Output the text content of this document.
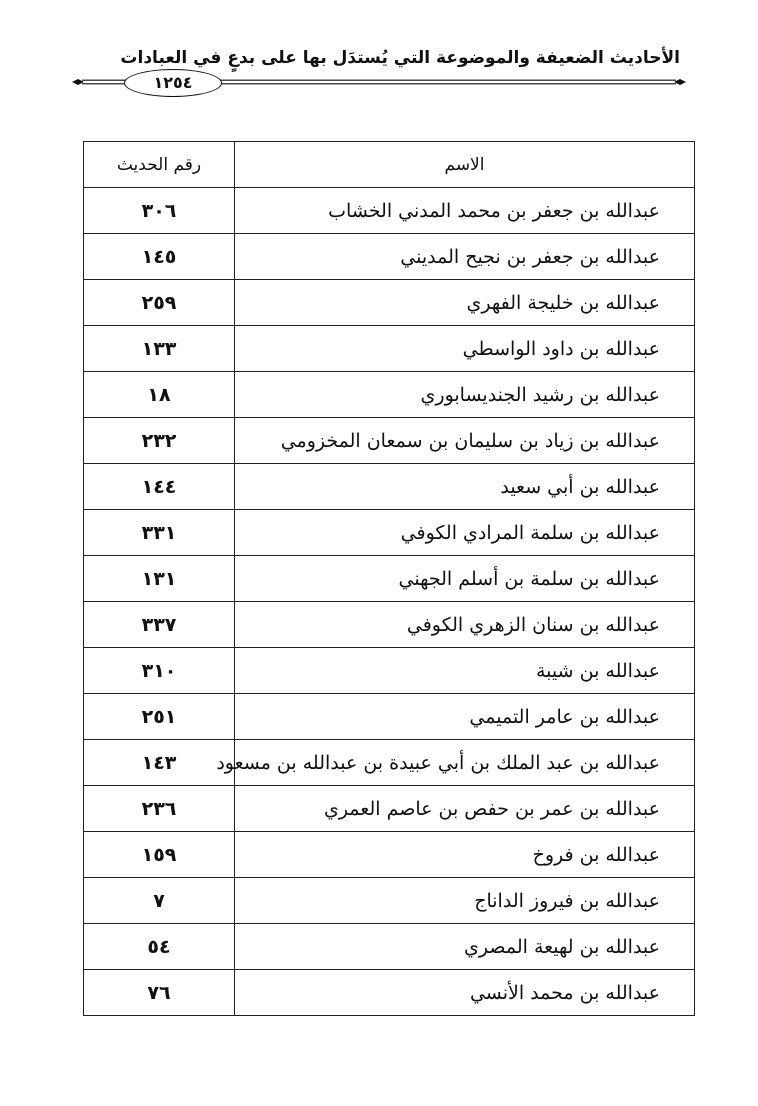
الأحاديث الضعيفة والموضوعة التي يُستدَل بها على بدعٍ في العبادات
١٢٥٤
رقم الحديث	الاسم
٣٠٦	عبدالله بن جعفر بن محمد المدني الخشاب
١٤٥	عبدالله بن جعفر بن نجيح المديني
٢٥٩	عبدالله بن خليجة الفهري
١٣٣	عبدالله بن داود الواسطي
١٨	عبدالله بن رشيد الجنديسابوري
٢٣٢	عبدالله بن زياد بن سليمان بن سمعان المخزومي
١٤٤	عبدالله بن أبي سعيد
٣٣١	عبدالله بن سلمة المرادي الكوفي
١٣١	عبدالله بن سلمة بن أسلم الجهني
٣٣٧	عبدالله بن سنان الزهري الكوفي
٣١٠	عبدالله بن شيبة
٢٥١	عبدالله بن عامر التميمي
١٤٣	عبدالله بن عبد الملك بن أبي عبيدة بن عبدالله بن مسعود
٢٣٦	عبدالله بن عمر بن حفص بن عاصم العمري
١٥٩	عبدالله بن فروخ
٧	عبدالله بن فيروز الداناج
٥٤	عبدالله بن لهيعة المصري
٧٦	عبدالله بن محمد الأنسي
